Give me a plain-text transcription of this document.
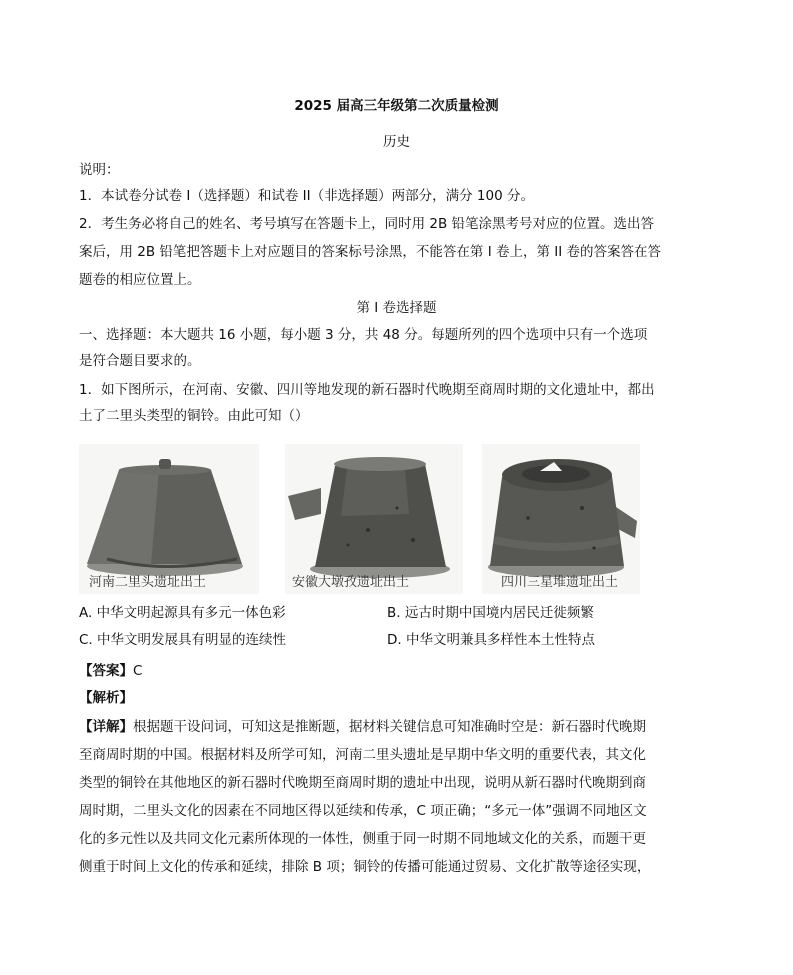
2025 届高三年级第二次质量检测
历史
说明：
1．本试卷分试卷 I（选择题）和试卷 II（非选择题）两部分，满分 100 分。
2．考生务必将自己的姓名、考号填写在答题卡上，同时用 2B 铅笔涂黑考号对应的位置。选出答
案后，用 2B 铅笔把答题卡上对应题目的答案标号涂黑，不能答在第 I 卷上，第 II 卷的答案答在答
题卷的相应位置上。
第 I 卷选择题
一、选择题：本大题共 16 小题，每小题 3 分，共 48 分。每题所列的四个选项中只有一个选项
是符合题目要求的。
1．如下图所示，在河南、安徽、四川等地发现的新石器时代晚期至商周时期的文化遗址中，都出
土了二里头类型的铜铃。由此可知（）
河南二里头遗址出土	安徽大墩孜遗址出土	四川三星堆遗址出土
A. 中华文明起源具有多元一体色彩	B. 远古时期中国境内居民迁徙频繁
C. 中华文明发展具有明显的连续性	D. 中华文明兼具多样性本土性特点
【答案】C
【解析】
【详解】根据题干设问词，可知这是推断题，据材料关键信息可知准确时空是：新石器时代晚期
至商周时期的中国。根据材料及所学可知，河南二里头遗址是早期中华文明的重要代表，其文化
类型的铜铃在其他地区的新石器时代晚期至商周时期的遗址中出现，说明从新石器时代晚期到商
周时期，二里头文化的因素在不同地区得以延续和传承，C 项正确；“多元一体”强调不同地区文
化的多元性以及共同文化元素所体现的一体性，侧重于同一时期不同地域文化的关系，而题干更
侧重于时间上文化的传承和延续，排除 B 项；铜铃的传播可能通过贸易、文化扩散等途径实现，
